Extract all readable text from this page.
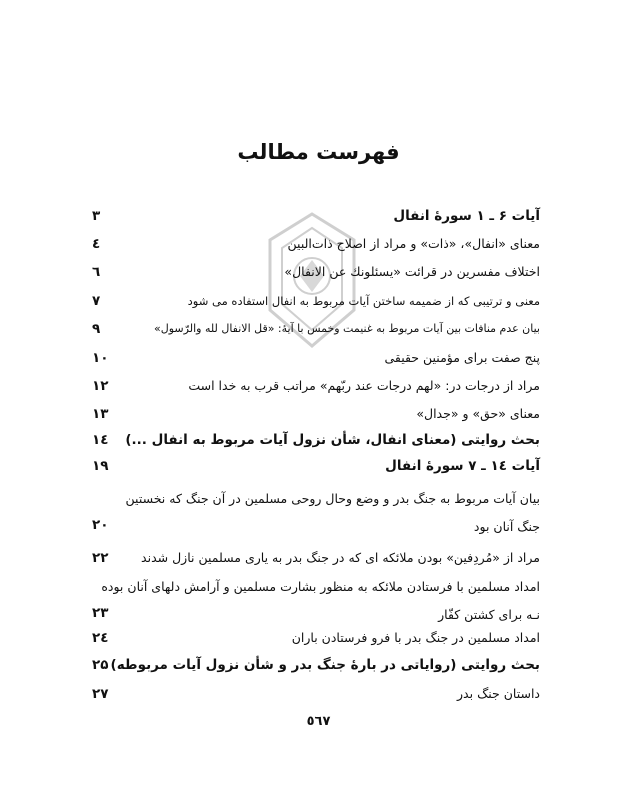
فهرست مطالب
آیات ۶ ـ ۱ سورهٔ انفال
۳
معنای «انفال»، «ذات» و مراد از اصلاح ذات‌البین
٤
اختلاف مفسرین در قرائت «یسئلونك عن الانفال»
٦
معنی و ترتیبی که از ضمیمه ساختن آیات مربوط به انفال استفاده می شود
۷
بیان عدم منافات بین آیات مربوط به غنیمت وخمس با آیهٔ: «قل الانفال لله والرّسول»
۹
پنج صفت برای مؤمنین حقیقی
۱۰
مراد از درجات در: «لهم درجات عند ربّهم» مراتب قرب به خدا است
۱۲
معنای «حق» و «جدال»
۱۳
بحث روایتی (معنای انفال، شأن نزول آیات مربوط به انفال ...)
١٤
آیات ١٤ ـ ۷ سورهٔ انفال
۱۹
بیان آیات مربوط به جنگ بدر و وضع وحال روحی مسلمین در آن جنگ که نخستین جنگ آنان بود
۲۰
مراد از «مُردِفین» بودن ملائکه ای که در جنگ بدر به یاری مسلمین نازل شدند
۲۲
امداد مسلمین با فرستادن ملائکه به منظور بشارت مسلمین و آرامش دلهای آنان بوده نـه برای کشتن کفّار
۲۳
امداد مسلمین در جنگ بدر با فرو فرستادن باران
٢٤
بحث روایتی (روایاتی در بارهٔ جنگ بدر و شأن نزول آیات مربوطه)
۲۵
داستان جنگ بدر
۲۷
٥٦٧
